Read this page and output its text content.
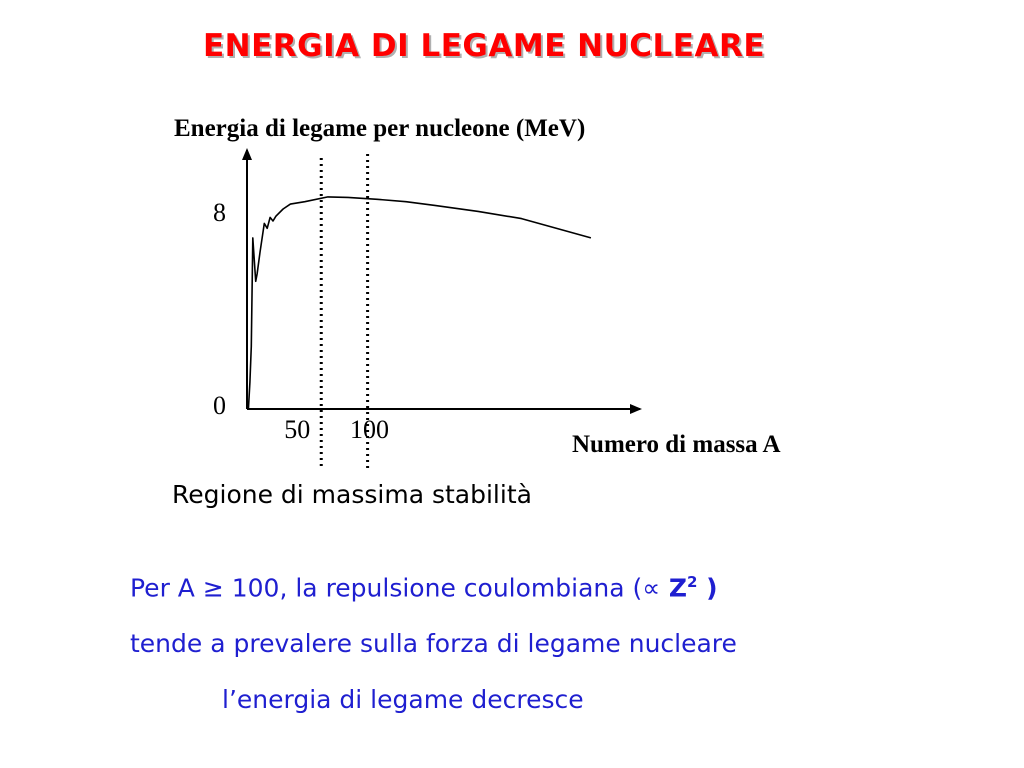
ENERGIA DI LEGAME NUCLEARE
Energia di legame per nucleone (MeV)
Numero di massa A
50 100
0
8
Regione di massima stabilità
Per A ≥ 100, la repulsione coulombiana (∝ $Z^2$ )
tende a prevalere sulla forza di legame nucleare
l’energia di legame decresce
